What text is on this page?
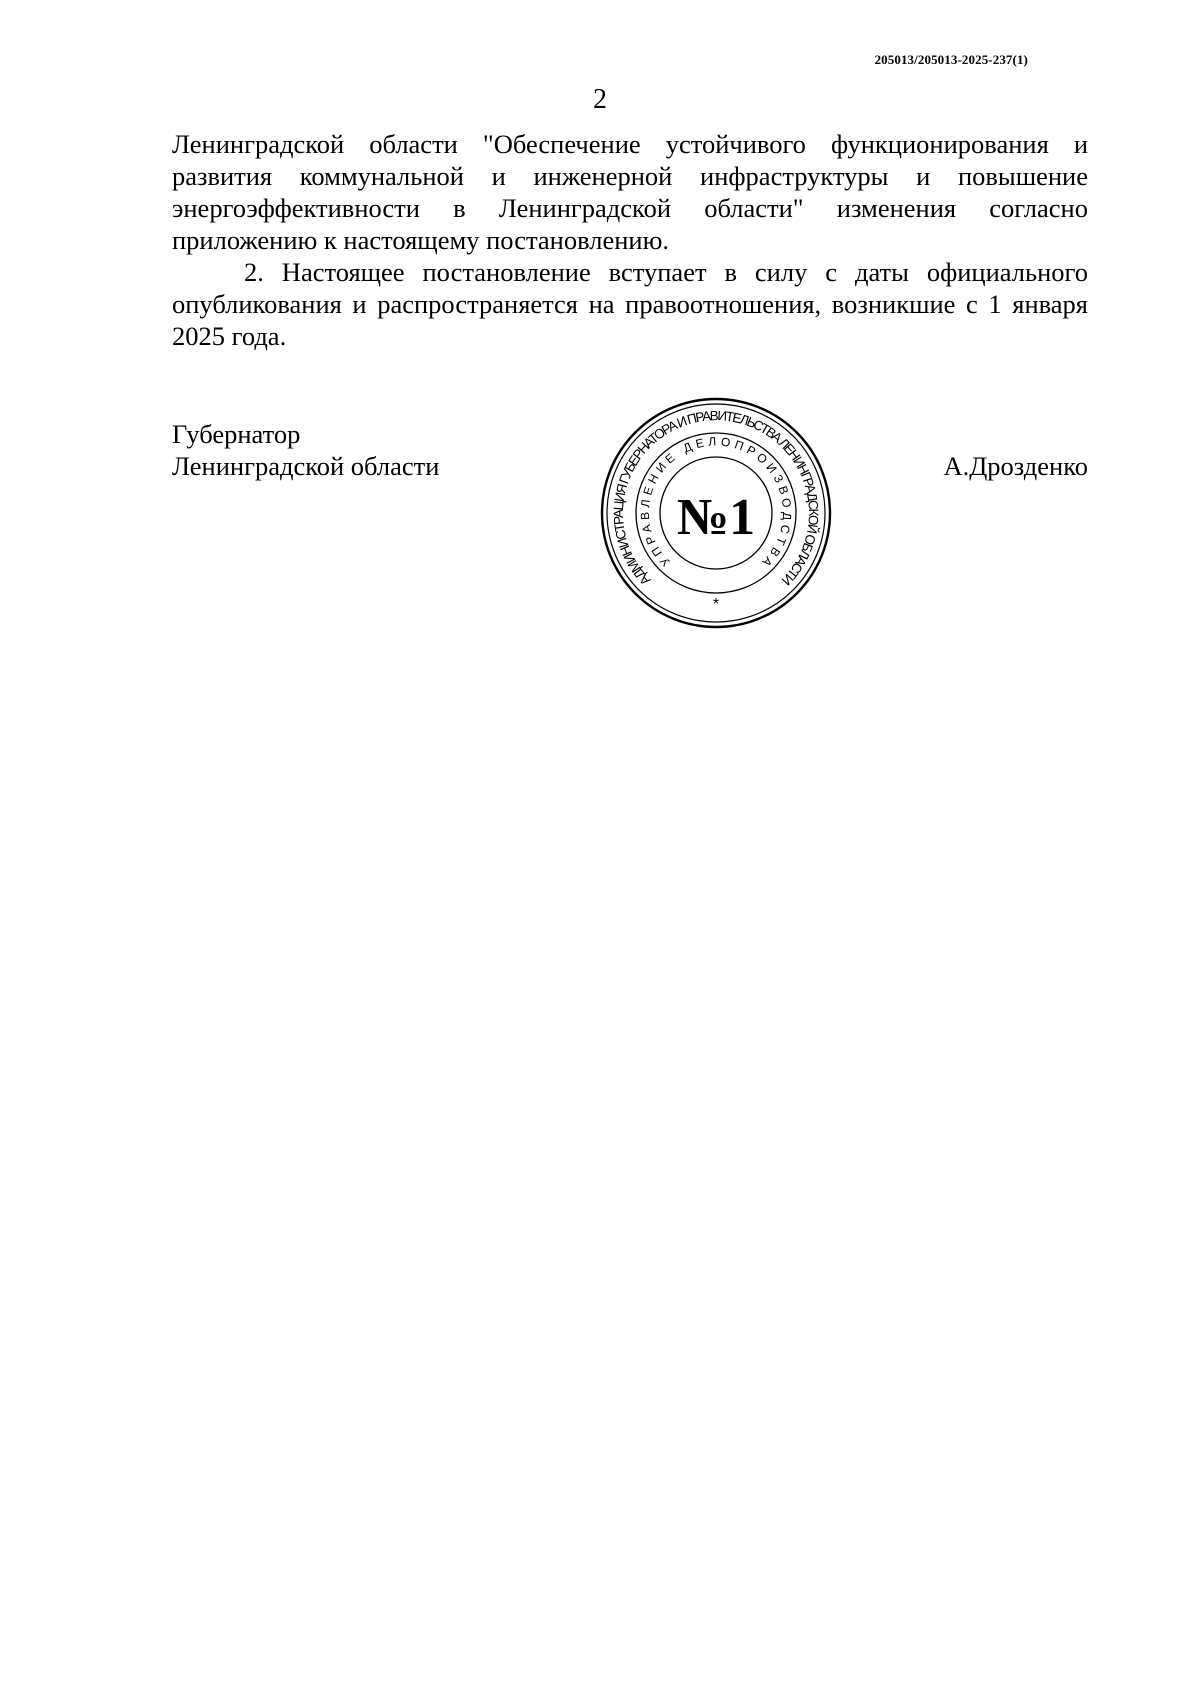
205013/205013-2025-237(1)
2

Ленинградской области "Обеспечение устойчивого функционирования и развития коммунальной и инженерной инфраструктуры и повышение энергоэффективности в Ленинградской области" изменения согласно приложению к настоящему постановлению.

2. Настоящее постановление вступает в силу с даты официального опубликования и распространяется на правоотношения, возникшие с 1 января 2025 года.

Губернатор
Ленинградской области	А.Дрозденко
АДМИНИСТРАЦИЯ ГУБЕРНАТОРА И ПРАВИТЕЛЬСТВА ЛЕНИНГРАДСКОЙ ОБЛАСТИ
УПРАВЛЕНИЕ ДЕЛОПРОИЗВОДСТВА
№1
*
